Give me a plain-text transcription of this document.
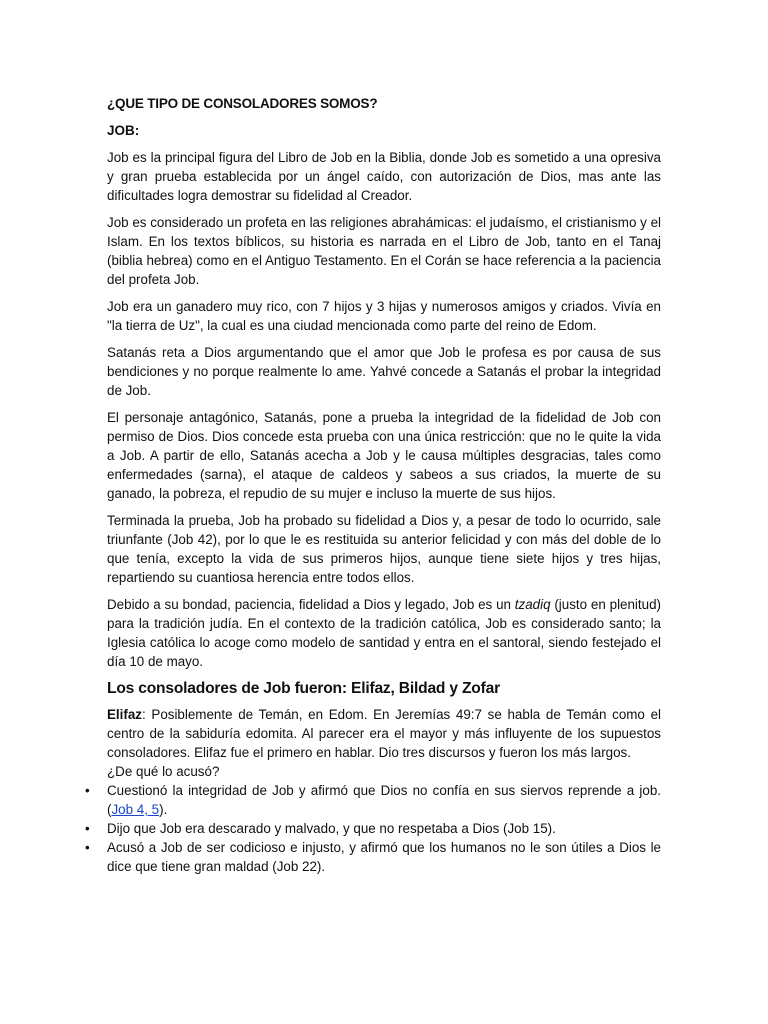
¿QUE TIPO DE CONSOLADORES SOMOS?
JOB:

Job es la principal figura del Libro de Job en la Biblia, donde Job es sometido a una opresiva y gran prueba establecida por un ángel caído, con autorización de Dios, mas ante las dificultades logra demostrar su fidelidad al Creador.

Job es considerado un profeta en las religiones abrahámicas: el judaísmo, el cristianismo y el Islam. En los textos bíblicos, su historia es narrada en el Libro de Job, tanto en el Tanaj (biblia hebrea) como en el Antiguo Testamento. En el Corán se hace referencia a la paciencia del profeta Job.

Job era un ganadero muy rico, con 7 hijos y 3 hijas y numerosos amigos y criados. Vivía en "la tierra de Uz", la cual es una ciudad mencionada como parte del reino de Edom.

Satanás reta a Dios argumentando que el amor que Job le profesa es por causa de sus bendiciones y no porque realmente lo ame. Yahvé concede a Satanás el probar la integridad de Job.

El personaje antagónico, Satanás, pone a prueba la integridad de la fidelidad de Job con permiso de Dios. Dios concede esta prueba con una única restricción: que no le quite la vida a Job. A partir de ello, Satanás acecha a Job y le causa múltiples desgracias, tales como enfermedades (sarna), el ataque de caldeos y sabeos a sus criados, la muerte de su ganado, la pobreza, el repudio de su mujer e incluso la muerte de sus hijos.

Terminada la prueba, Job ha probado su fidelidad a Dios y, a pesar de todo lo ocurrido, sale triunfante (Job 42), por lo que le es restituida su anterior felicidad y con más del doble de lo que tenía, excepto la vida de sus primeros hijos, aunque tiene siete hijos y tres hijas, repartiendo su cuantiosa herencia entre todos ellos.

Debido a su bondad, paciencia, fidelidad a Dios y legado, Job es un tzadiq (justo en plenitud) para la tradición judía. En el contexto de la tradición católica, Job es considerado santo; la Iglesia católica lo acoge como modelo de santidad y entra en el santoral, siendo festejado el día 10 de mayo.

Los consoladores de Job fueron: Elifaz, Bildad y Zofar

Elifaz: Posiblemente de Temán, en Edom. En Jeremías 49:7 se habla de Temán como el centro de la sabiduría edomita. Al parecer era el mayor y más influyente de los supuestos consoladores. Elifaz fue el primero en hablar. Dio tres discursos y fueron los más largos.

¿De qué lo acusó?

• Cuestionó la integridad de Job y afirmó que Dios no confía en sus siervos reprende a job. (Job 4, 5).
• Dijo que Job era descarado y malvado, y que no respetaba a Dios (Job 15).
• Acusó a Job de ser codicioso e injusto, y afirmó que los humanos no le son útiles a Dios le dice que tiene gran maldad (Job 22).
